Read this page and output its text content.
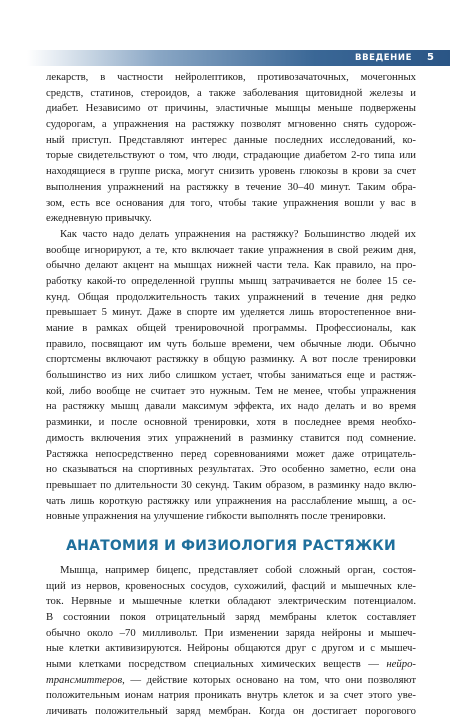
ВВЕДЕНИЕ 5
лекарств, в частности нейролептиков, противозачаточных, мочегонных
средств, статинов, стероидов, а также заболевания щитовидной железы и
диабет. Независимо от причины, эластичные мышцы меньше подвержены
судорогам, а упражнения на растяжку позволят мгновенно снять судорож-
ный приступ. Представляют интерес данные последних исследований, ко-
торые свидетельствуют о том, что люди, страдающие диабетом 2-го типа или
находящиеся в группе риска, могут снизить уровень глюкозы в крови за счет
выполнения упражнений на растяжку в течение 30–40 минут. Таким обра-
зом, есть все основания для того, чтобы такие упражнения вошли у вас в
ежедневную привычку.
Как часто надо делать упражнения на растяжку? Большинство людей их
вообще игнорируют, а те, кто включает такие упражнения в свой режим дня,
обычно делают акцент на мышцах нижней части тела. Как правило, на про-
работку какой-то определенной группы мышц затрачивается не более 15 се-
кунд. Общая продолжительность таких упражнений в течение дня редко
превышает 5 минут. Даже в спорте им уделяется лишь второстепенное вни-
мание в рамках общей тренировочной программы. Профессионалы, как
правило, посвящают им чуть больше времени, чем обычные люди. Обычно
спортсмены включают растяжку в общую разминку. А вот после тренировки
большинство из них либо слишком устает, чтобы заниматься еще и растяж-
кой, либо вообще не считает это нужным. Тем не менее, чтобы упражнения
на растяжку мышц давали максимум эффекта, их надо делать и во время
разминки, и после основной тренировки, хотя в последнее время необхо-
димость включения этих упражнений в разминку ставится под сомнение.
Растяжка непосредственно перед соревнованиями может даже отрицатель-
но сказываться на спортивных результатах. Это особенно заметно, если она
превышает по длительности 30 секунд. Таким образом, в разминку надо вклю-
чать лишь короткую растяжку или упражнения на расслабление мышц, а ос-
новные упражнения на улучшение гибкости выполнять после тренировки.
АНАТОМИЯ И ФИЗИОЛОГИЯ РАСТЯЖКИ
Мышца, например бицепс, представляет собой сложный орган, состоя-
щий из нервов, кровеносных сосудов, сухожилий, фасций и мышечных кле-
ток. Нервные и мышечные клетки обладают электрическим потенциалом.
В состоянии покоя отрицательный заряд мембраны клеток составляет
обычно около –70 милливольт. При изменении заряда нейроны и мышеч-
ные клетки активизируются. Нейроны общаются друг с другом и с мышеч-
ными клетками посредством специальных химических веществ — нейро-
трансмиттеров, — действие которых основано на том, что они позволяют
положительным ионам натрия проникать внутрь клеток и за счет этого уве-
личивать положительный заряд мембран. Когда он достигает порогового
